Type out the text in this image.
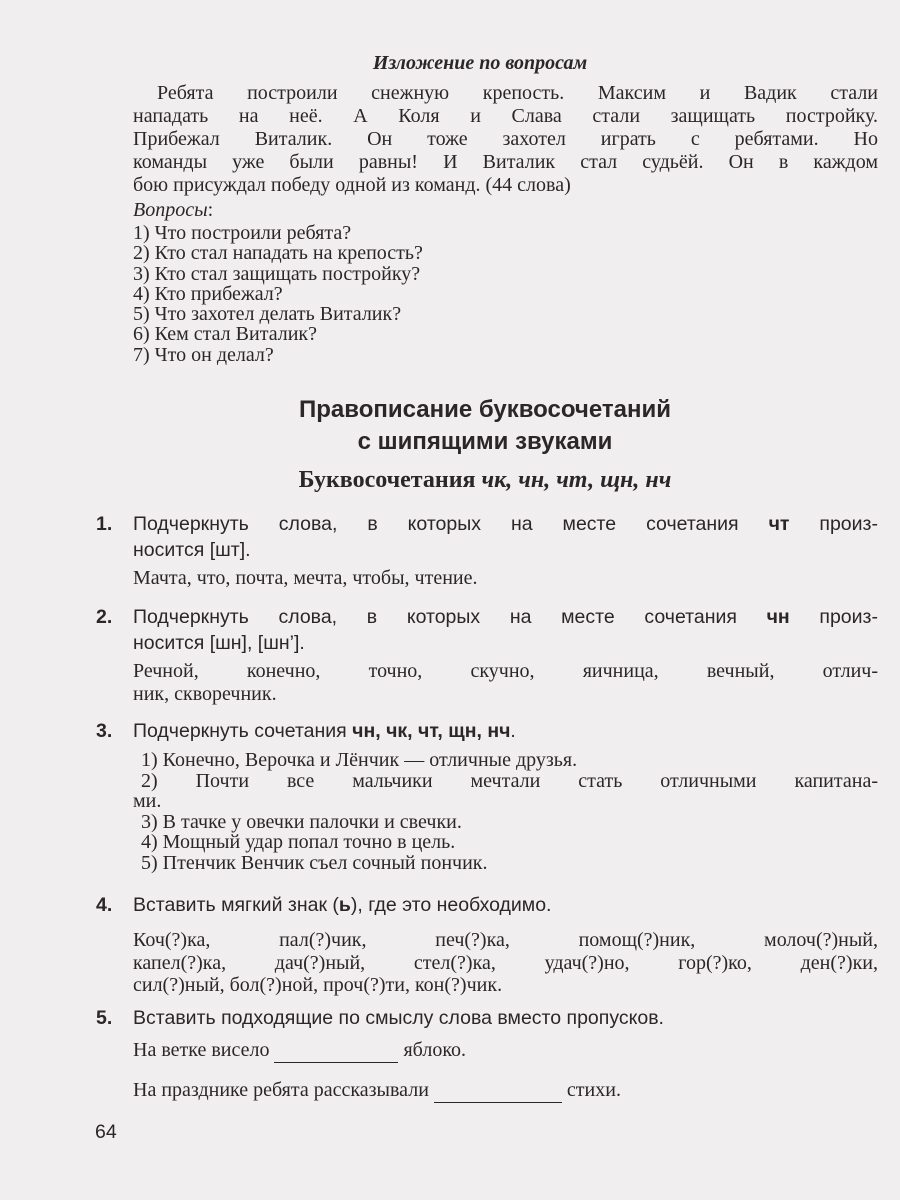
Изложение по вопросам
Ребята построили снежную крепость. Максим и Вадик стали
нападать на неё. А Коля и Слава стали защищать постройку.
Прибежал Виталик. Он тоже захотел играть с ребятами. Но
команды уже были равны! И Виталик стал судьёй. Он в каждом
бою присуждал победу одной из команд. (44 слова)
Вопросы:
1) Что построили ребята?
2) Кто стал нападать на крепость?
3) Кто стал защищать постройку?
4) Кто прибежал?
5) Что захотел делать Виталик?
6) Кем стал Виталик?
7) Что он делал?
Правописание буквосочетаний
с шипящими звуками
Буквосочетания чк, чн, чт, щн, нч
1. Подчеркнуть слова, в которых на месте сочетания чт произ-
носится [шт].
Мачта, что, почта, мечта, чтобы, чтение.
2. Подчеркнуть слова, в которых на месте сочетания чн произ-
носится [шн], [шн’].
Речной, конечно, точно, скучно, яичница, вечный, отлич-
ник, скворечник.
3. Подчеркнуть сочетания чн, чк, чт, щн, нч.
1) Конечно, Верочка и Лёнчик — отличные друзья.
2) Почти все мальчики мечтали стать отличными капитана-
ми.
3) В тачке у овечки палочки и свечки.
4) Мощный удар попал точно в цель.
5) Птенчик Венчик съел сочный пончик.
4. Вставить мягкий знак (ь), где это необходимо.
Коч(?)ка, пал(?)чик, печ(?)ка, помощ(?)ник, молоч(?)ный,
капел(?)ка, дач(?)ный, стел(?)ка, удач(?)но, гор(?)ко, ден(?)ки,
сил(?)ный, бол(?)ной, проч(?)ти, кон(?)чик.
5. Вставить подходящие по смыслу слова вместо пропусков.
На ветке висело	яблоко.
На празднике ребята рассказывали	стихи.
64
